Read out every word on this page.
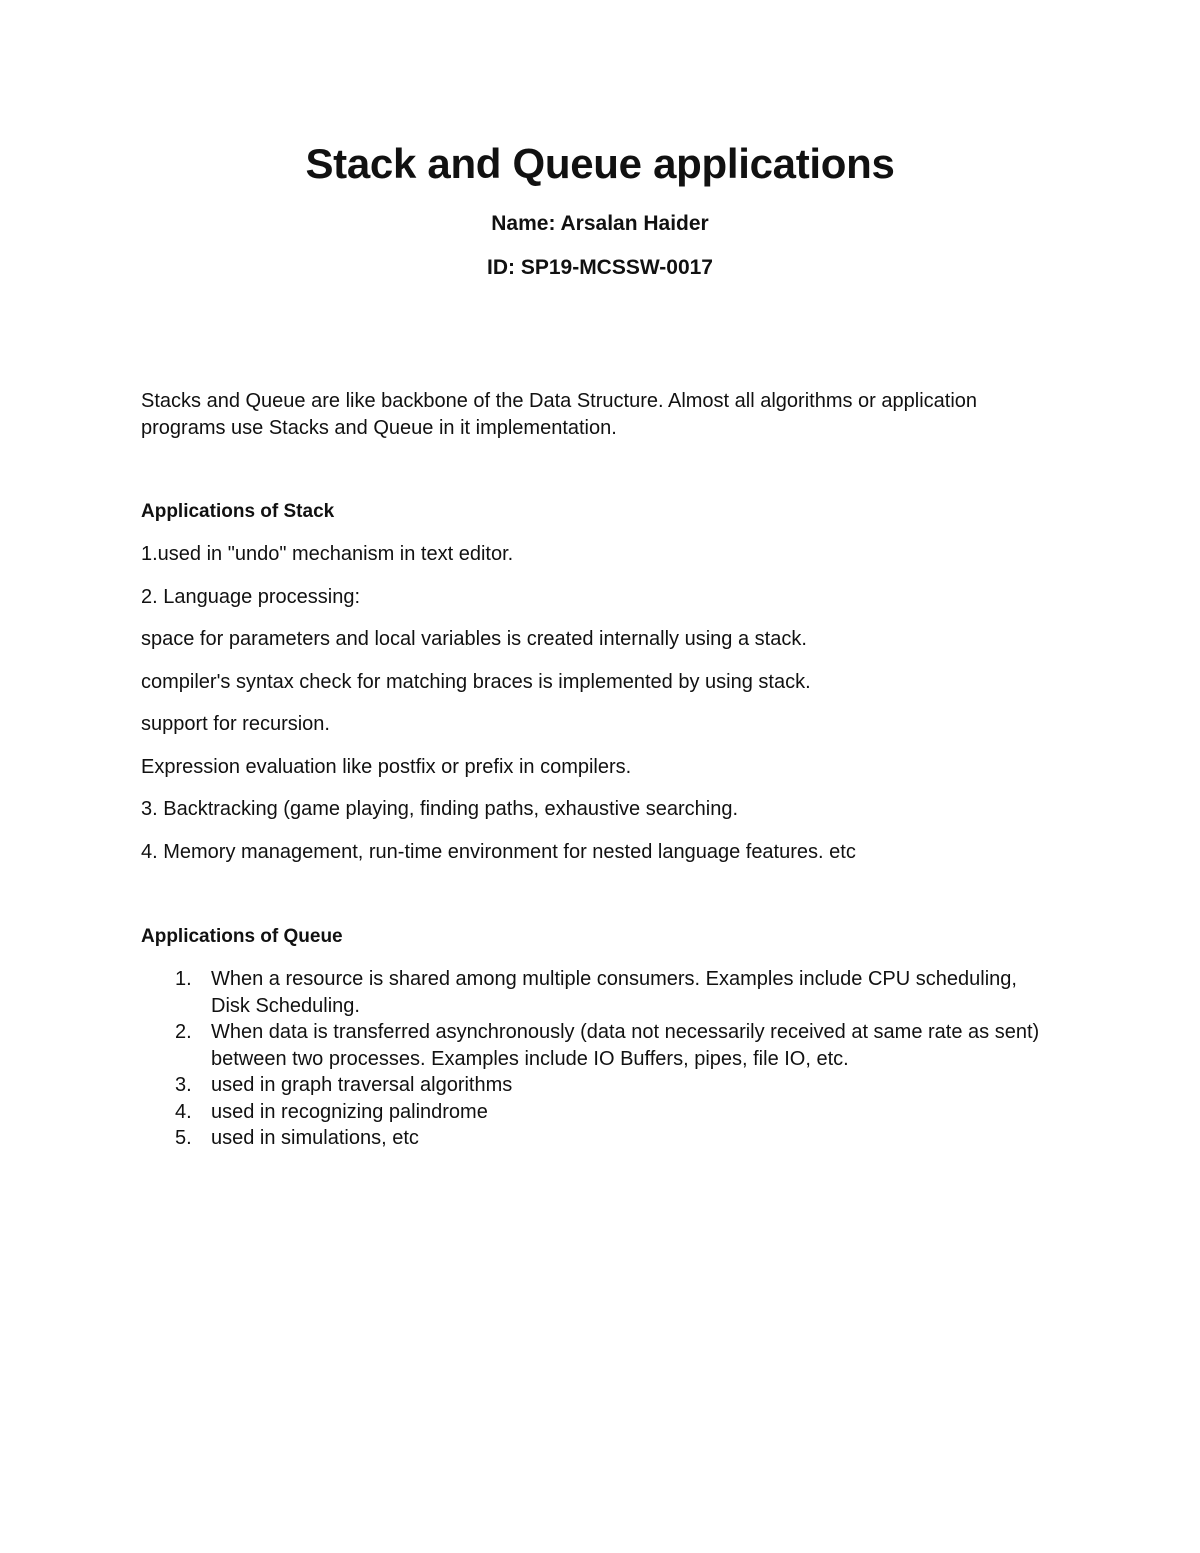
Stack and Queue applications

Name: Arsalan Haider

ID: SP19-MCSSW-0017

Stacks and Queue are like backbone of the Data Structure. Almost all algorithms or application programs use Stacks and Queue in it implementation.

Applications of Stack
1.used in "undo" mechanism in text editor.
2. Language processing:
space for parameters and local variables is created internally using a stack.
compiler's syntax check for matching braces is implemented by using stack.
support for recursion.
Expression evaluation like postfix or prefix in compilers.
3. Backtracking (game playing, finding paths, exhaustive searching.
4. Memory management, run-time environment for nested language features. etc
Applications of Queue
1. When a resource is shared among multiple consumers. Examples include CPU scheduling, Disk Scheduling.
2. When data is transferred asynchronously (data not necessarily received at same rate as sent) between two processes. Examples include IO Buffers, pipes, file IO, etc.
3. used in graph traversal algorithms
4. used in recognizing palindrome
5. used in simulations, etc
